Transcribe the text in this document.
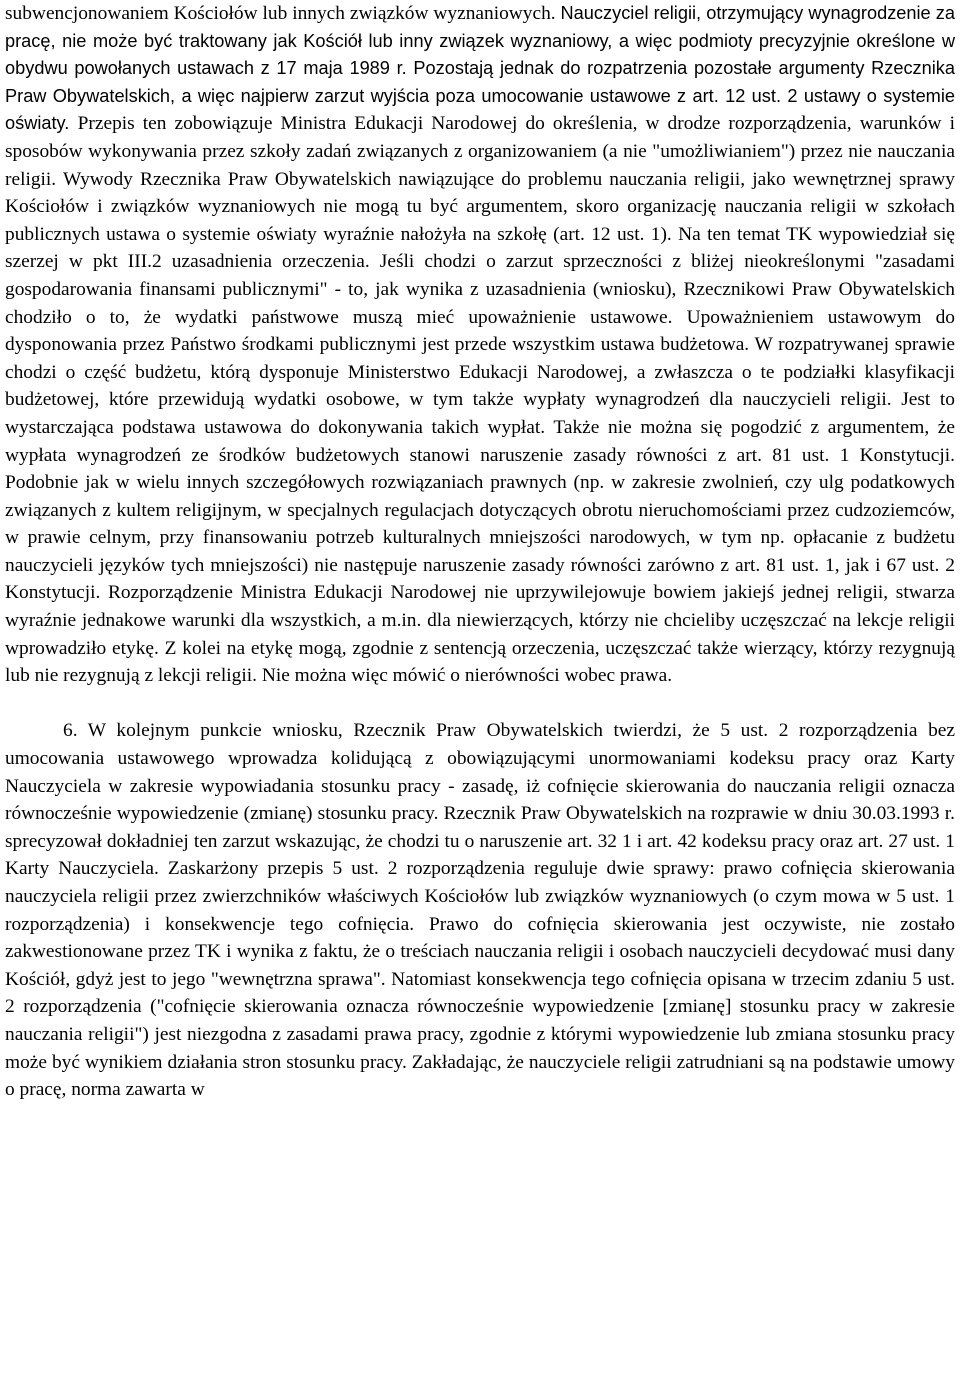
subwencjonowaniem Kościołów lub innych związków wyznaniowych. Nauczyciel religii, otrzymujący wynagrodzenie za pracę, nie może być traktowany jak Kościół lub inny związek wyznaniowy, a więc podmioty precyzyjnie określone w obydwu powołanych ustawach z 17 maja 1989 r. Pozostają jednak do rozpatrzenia pozostałe argumenty Rzecznika Praw Obywatelskich, a więc najpierw zarzut wyjścia poza umocowanie ustawowe z art. 12 ust. 2 ustawy o systemie oświaty. Przepis ten zobowiązuje Ministra Edukacji Narodowej do określenia, w drodze rozporządzenia, warunków i sposobów wykonywania przez szkoły zadań związanych z organizowaniem (a nie "umożliwianiem") przez nie nauczania religii. Wywody Rzecznika Praw Obywatelskich nawiązujące do problemu nauczania religii, jako wewnętrznej sprawy Kościołów i związków wyznaniowych nie mogą tu być argumentem, skoro organizację nauczania religii w szkołach publicznych ustawa o systemie oświaty wyraźnie nałożyła na szkołę (art. 12 ust. 1). Na ten temat TK wypowiedział się szerzej w pkt III.2 uzasadnienia orzeczenia. Jeśli chodzi o zarzut sprzeczności z bliżej nieokreślonymi "zasadami gospodarowania finansami publicznymi" - to, jak wynika z uzasadnienia (wniosku), Rzecznikowi Praw Obywatelskich chodziło o to, że wydatki państwowe muszą mieć upoważnienie ustawowe. Upoważnieniem ustawowym do dysponowania przez Państwo środkami publicznymi jest przede wszystkim ustawa budżetowa. W rozpatrywanej sprawie chodzi o część budżetu, którą dysponuje Ministerstwo Edukacji Narodowej, a zwłaszcza o te podziałki klasyfikacji budżetowej, które przewidują wydatki osobowe, w tym także wypłaty wynagrodzeń dla nauczycieli religii. Jest to wystarczająca podstawa ustawowa do dokonywania takich wypłat. Także nie można się pogodzić z argumentem, że wypłata wynagrodzeń ze środków budżetowych stanowi naruszenie zasady równości z art. 81 ust. 1 Konstytucji. Podobnie jak w wielu innych szczegółowych rozwiązaniach prawnych (np. w zakresie zwolnień, czy ulg podatkowych związanych z kultem religijnym, w specjalnych regulacjach dotyczących obrotu nieruchomościami przez cudzoziemców, w prawie celnym, przy finansowaniu potrzeb kulturalnych mniejszości narodowych, w tym np. opłacanie z budżetu nauczycieli języków tych mniejszości) nie następuje naruszenie zasady równości zarówno z art. 81 ust. 1, jak i 67 ust. 2 Konstytucji. Rozporządzenie Ministra Edukacji Narodowej nie uprzywilejowuje bowiem jakiejś jednej religii, stwarza wyraźnie jednakowe warunki dla wszystkich, a m.in. dla niewierzących, którzy nie chcieliby uczęszczać na lekcje religii wprowadziło etykę. Z kolei na etykę mogą, zgodnie z sentencją orzeczenia, uczęszczać także wierzący, którzy rezygnują lub nie rezygnują z lekcji religii. Nie można więc mówić o nierówności wobec prawa.

6. W kolejnym punkcie wniosku, Rzecznik Praw Obywatelskich twierdzi, że 5 ust. 2 rozporządzenia bez umocowania ustawowego wprowadza kolidującą z obowiązującymi unormowaniami kodeksu pracy oraz Karty Nauczyciela w zakresie wypowiadania stosunku pracy - zasadę, iż cofnięcie skierowania do nauczania religii oznacza równocześnie wypowiedzenie (zmianę) stosunku pracy. Rzecznik Praw Obywatelskich na rozprawie w dniu 30.03.1993 r. sprecyzował dokładniej ten zarzut wskazując, że chodzi tu o naruszenie art. 32 1 i art. 42 kodeksu pracy oraz art. 27 ust. 1 Karty Nauczyciela. Zaskarżony przepis 5 ust. 2 rozporządzenia reguluje dwie sprawy: prawo cofnięcia skierowania nauczyciela religii przez zwierzchników właściwych Kościołów lub związków wyznaniowych (o czym mowa w 5 ust. 1 rozporządzenia) i konsekwencje tego cofnięcia. Prawo do cofnięcia skierowania jest oczywiste, nie zostało zakwestionowane przez TK i wynika z faktu, że o treściach nauczania religii i osobach nauczycieli decydować musi dany Kościół, gdyż jest to jego "wewnętrzna sprawa". Natomiast konsekwencja tego cofnięcia opisana w trzecim zdaniu 5 ust. 2 rozporządzenia ("cofnięcie skierowania oznacza równocześnie wypowiedzenie [zmianę] stosunku pracy w zakresie nauczania religii") jest niezgodna z zasadami prawa pracy, zgodnie z którymi wypowiedzenie lub zmiana stosunku pracy może być wynikiem działania stron stosunku pracy. Zakładając, że nauczyciele religii zatrudniani są na podstawie umowy o pracę, norma zawarta w
